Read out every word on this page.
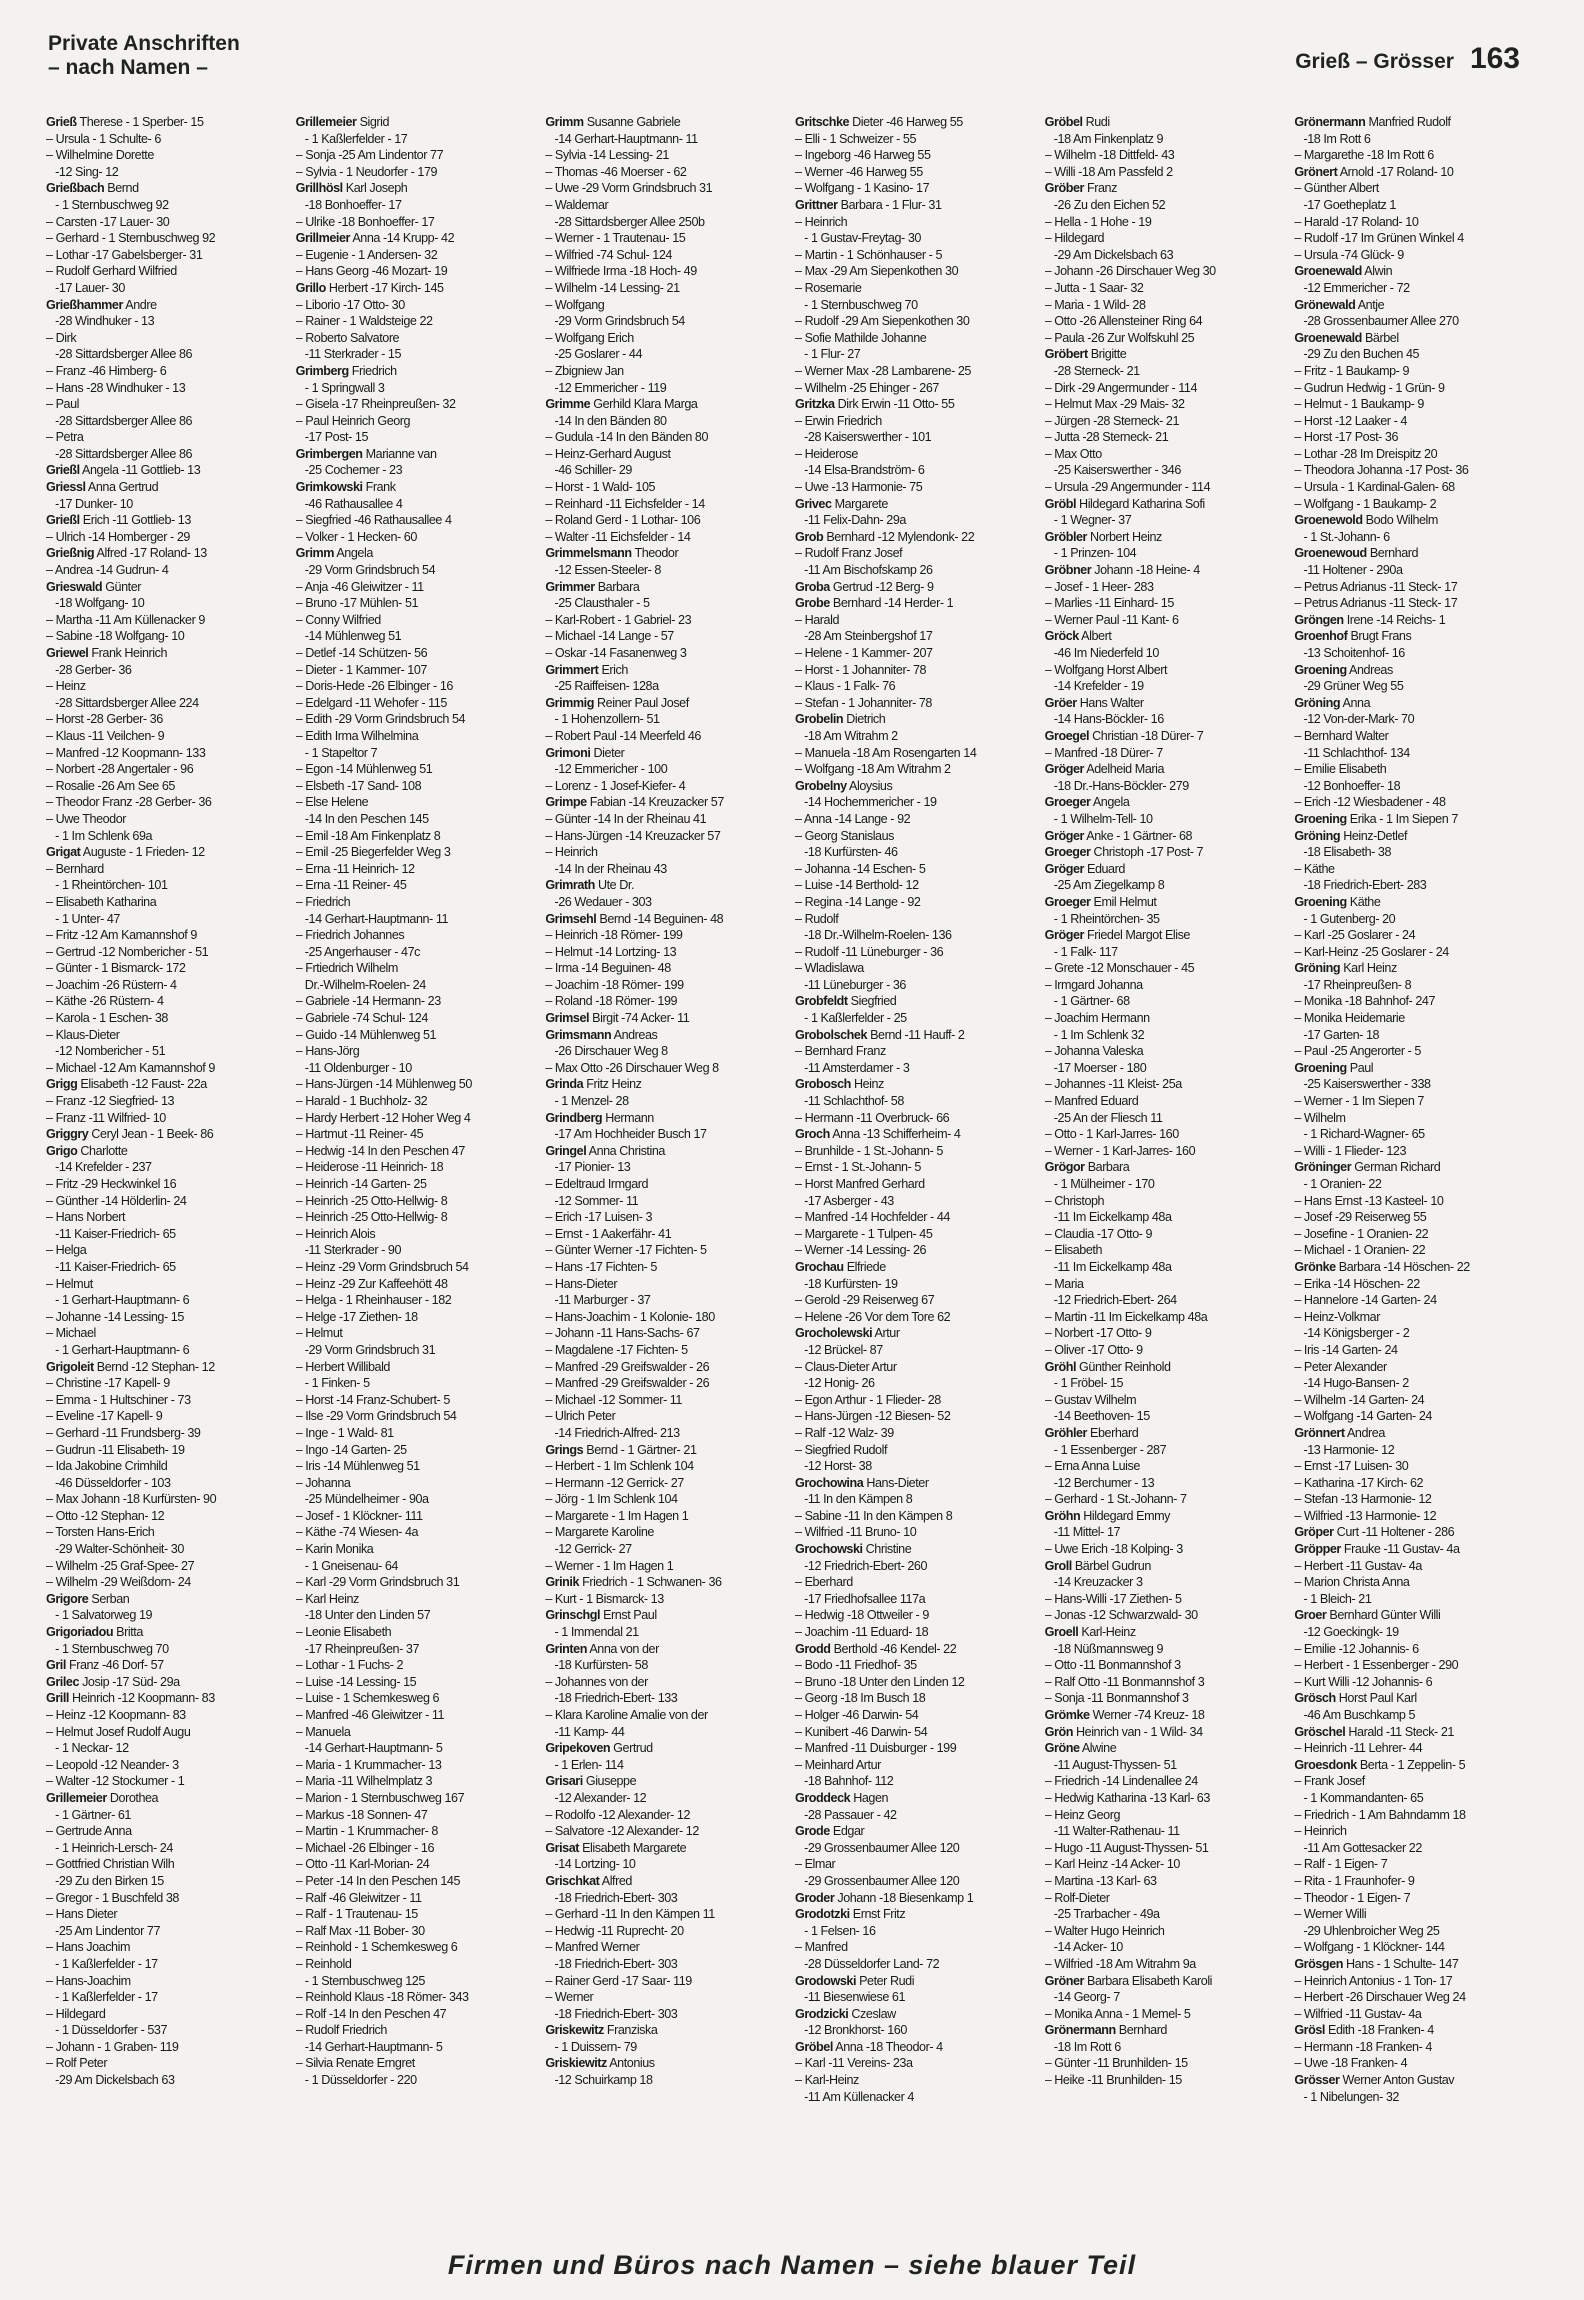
Private Anschriften
– nach Namen –	Grieß – Grösser 163
Grieß Therese - 1 Sperber- 15
– Ursula - 1 Schulte- 6
– Wilhelmine Dorette
-12 Sing- 12
Grießbach Bernd
- 1 Sternbuschweg 92
– Carsten -17 Lauer- 30
– Gerhard - 1 Sternbuschweg 92
– Lothar -17 Gabelsberger- 31
– Rudolf Gerhard Wilfried
-17 Lauer- 30
Grießhammer Andre
-28 Windhuker - 13
– Dirk
-28 Sittardsberger Allee 86
– Franz -46 Himberg- 6
– Hans -28 Windhuker - 13
– Paul
-28 Sittardsberger Allee 86
– Petra
-28 Sittardsberger Allee 86
Grießl Angela -11 Gottlieb- 13
Griessl Anna Gertrud
-17 Dunker- 10
Grießl Erich -11 Gottlieb- 13
– Ulrich -14 Homberger - 29
Grießnig Alfred -17 Roland- 13
– Andrea -14 Gudrun- 4
Grieswald Günter
-18 Wolfgang- 10
– Martha -11 Am Küllenacker 9
– Sabine -18 Wolfgang- 10
Griewel Frank Heinrich
-28 Gerber- 36
– Heinz
-28 Sittardsberger Allee 224
– Horst -28 Gerber- 36
– Klaus -11 Veilchen- 9
– Manfred -12 Koopmann- 133
– Norbert -28 Angertaler - 96
– Rosalie -26 Am See 65
– Theodor Franz -28 Gerber- 36
– Uwe Theodor
- 1 Im Schlenk 69a
Grigat Auguste - 1 Frieden- 12
– Bernhard
- 1 Rheintörchen- 101
– Elisabeth Katharina
- 1 Unter- 47
– Fritz -12 Am Kamannshof 9
– Gertrud -12 Nombericher - 51
– Günter - 1 Bismarck- 172
– Joachim -26 Rüstern- 4
– Käthe -26 Rüstern- 4
– Karola - 1 Eschen- 38
– Klaus-Dieter
-12 Nombericher - 51
– Michael -12 Am Kamannshof 9
Grigg Elisabeth -12 Faust- 22a
– Franz -12 Siegfried- 13
– Franz -11 Wilfried- 10
Griggry Ceryl Jean - 1 Beek- 86
Grigo Charlotte
-14 Krefelder - 237
– Fritz -29 Heckwinkel 16
– Günther -14 Hölderlin- 24
– Hans Norbert
-11 Kaiser-Friedrich- 65
– Helga
-11 Kaiser-Friedrich- 65
– Helmut
- 1 Gerhart-Hauptmann- 6
– Johanne -14 Lessing- 15
– Michael
- 1 Gerhart-Hauptmann- 6
Grigoleit Bernd -12 Stephan- 12
– Christine -17 Kapell- 9
– Emma - 1 Hultschiner - 73
– Eveline -17 Kapell- 9
– Gerhard -11 Frundsberg- 39
– Gudrun -11 Elisabeth- 19
– Ida Jakobine Crimhild
-46 Düsseldorfer - 103
– Max Johann -18 Kurfürsten- 90
– Otto -12 Stephan- 12
– Torsten Hans-Erich
-29 Walter-Schönheit- 30
– Wilhelm -25 Graf-Spee- 27
– Wilhelm -29 Weißdorn- 24
Grigore Serban
- 1 Salvatorweg 19
Grigoriadou Britta
- 1 Sternbuschweg 70
Gril Franz -46 Dorf- 57
Grilec Josip -17 Süd- 29a
Grill Heinrich -12 Koopmann- 83
– Heinz -12 Koopmann- 83
– Helmut Josef Rudolf Augu
- 1 Neckar- 12
– Leopold -12 Neander- 3
– Walter -12 Stockumer - 1
Grillemeier Dorothea
- 1 Gärtner- 61
– Gertrude Anna
- 1 Heinrich-Lersch- 24
– Gottfried Christian Wilh
-29 Zu den Birken 15
– Gregor - 1 Buschfeld 38
– Hans Dieter
-25 Am Lindentor 77
– Hans Joachim
- 1 Kaßlerfelder - 17
– Hans-Joachim
- 1 Kaßlerfelder - 17
– Hildegard
- 1 Düsseldorfer - 537
– Johann - 1 Graben- 119
– Rolf Peter
-29 Am Dickelsbach 63
Grillemeier Sigrid
- 1 Kaßlerfelder - 17
– Sonja -25 Am Lindentor 77
– Sylvia - 1 Neudorfer - 179
Grillhösl Karl Joseph
-18 Bonhoeffer- 17
– Ulrike -18 Bonhoeffer- 17
Grillmeier Anna -14 Krupp- 42
– Eugenie - 1 Andersen- 32
– Hans Georg -46 Mozart- 19
Grillo Herbert -17 Kirch- 145
– Liborio -17 Otto- 30
– Rainer - 1 Waldsteige 22
– Roberto Salvatore
-11 Sterkrader - 15
Grimberg Friedrich
- 1 Springwall 3
– Gisela -17 Rheinpreußen- 32
– Paul Heinrich Georg
-17 Post- 15
Grimbergen Marianne van
-25 Cochemer - 23
Grimkowski Frank
-46 Rathausallee 4
– Siegfried -46 Rathausallee 4
– Volker - 1 Hecken- 60
Grimm Angela
-29 Vorm Grindsbruch 54
– Anja -46 Gleiwitzer - 11
– Bruno -17 Mühlen- 51
– Conny Wilfried
-14 Mühlenweg 51
– Detlef -14 Schützen- 56
– Dieter - 1 Kammer- 107
– Doris-Hede -26 Elbinger - 16
– Edelgard -11 Wehofer - 115
– Edith -29 Vorm Grindsbruch 54
– Edith Irma Wilhelmina
- 1 Stapeltor 7
– Egon -14 Mühlenweg 51
– Elsbeth -17 Sand- 108
– Else Helene
-14 In den Peschen 145
– Emil -18 Am Finkenplatz 8
– Emil -25 Biegerfelder Weg 3
– Erna -11 Heinrich- 12
– Erna -11 Reiner- 45
– Friedrich
-14 Gerhart-Hauptmann- 11
– Friedrich Johannes
-25 Angerhauser - 47c
– Frtiedrich Wilhelm
Dr.-Wilhelm-Roelen- 24
– Gabriele -14 Hermann- 23
– Gabriele -74 Schul- 124
– Guido -14 Mühlenweg 51
– Hans-Jörg
-11 Oldenburger - 10
– Hans-Jürgen -14 Mühlenweg 50
– Harald - 1 Buchholz- 32
– Hardy Herbert -12 Hoher Weg 4
– Hartmut -11 Reiner- 45
– Hedwig -14 In den Peschen 47
– Heiderose -11 Heinrich- 18
– Heinrich -14 Garten- 25
– Heinrich -25 Otto-Hellwig- 8
– Heinrich -25 Otto-Hellwig- 8
– Heinrich Alois
-11 Sterkrader - 90
– Heinz -29 Vorm Grindsbruch 54
– Heinz -29 Zur Kaffeehött 48
– Helga - 1 Rheinhauser - 182
– Helge -17 Ziethen- 18
– Helmut
-29 Vorm Grindsbruch 31
– Herbert Willibald
- 1 Finken- 5
– Horst -14 Franz-Schubert- 5
– Ilse -29 Vorm Grindsbruch 54
– Inge - 1 Wald- 81
– Ingo -14 Garten- 25
– Iris -14 Mühlenweg 51
– Johanna
-25 Mündelheimer - 90a
– Josef - 1 Klöckner- 111
– Käthe -74 Wiesen- 4a
– Karin Monika
- 1 Gneisenau- 64
– Karl -29 Vorm Grindsbruch 31
– Karl Heinz
-18 Unter den Linden 57
– Leonie Elisabeth
-17 Rheinpreußen- 37
– Lothar - 1 Fuchs- 2
– Luise -14 Lessing- 15
– Luise - 1 Schemkesweg 6
– Manfred -46 Gleiwitzer - 11
– Manuela
-14 Gerhart-Hauptmann- 5
– Maria - 1 Krummacher- 13
– Maria -11 Wilhelmplatz 3
– Marion - 1 Sternbuschweg 167
– Markus -18 Sonnen- 47
– Martin - 1 Krummacher- 8
– Michael -26 Elbinger - 16
– Otto -11 Karl-Morian- 24
– Peter -14 In den Peschen 145
– Ralf -46 Gleiwitzer - 11
– Ralf - 1 Trautenau- 15
– Ralf Max -11 Bober- 30
– Reinhold - 1 Schemkesweg 6
– Reinhold
- 1 Sternbuschweg 125
– Reinhold Klaus -18 Römer- 343
– Rolf -14 In den Peschen 47
– Rudolf Friedrich
-14 Gerhart-Hauptmann- 5
– Silvia Renate Erngret
- 1 Düsseldorfer - 220
Grimm Susanne Gabriele
-14 Gerhart-Hauptmann- 11
– Sylvia -14 Lessing- 21
– Thomas -46 Moerser - 62
– Uwe -29 Vorm Grindsbruch 31
– Waldemar
-28 Sittardsberger Allee 250b
– Werner - 1 Trautenau- 15
– Wilfried -74 Schul- 124
– Wilfriede Irma -18 Hoch- 49
– Wilhelm -14 Lessing- 21
– Wolfgang
-29 Vorm Grindsbruch 54
– Wolfgang Erich
-25 Goslarer - 44
– Zbigniew Jan
-12 Emmericher - 119
Grimme Gerhild Klara Marga
-14 In den Bänden 80
– Gudula -14 In den Bänden 80
– Heinz-Gerhard August
-46 Schiller- 29
– Horst - 1 Wald- 105
– Reinhard -11 Eichsfelder - 14
– Roland Gerd - 1 Lothar- 106
– Walter -11 Eichsfelder - 14
Grimmelsmann Theodor
-12 Essen-Steeler- 8
Grimmer Barbara
-25 Clausthaler - 5
– Karl-Robert - 1 Gabriel- 23
– Michael -14 Lange - 57
– Oskar -14 Fasanenweg 3
Grimmert Erich
-25 Raiffeisen- 128a
Grimmig Reiner Paul Josef
- 1 Hohenzollern- 51
– Robert Paul -14 Meerfeld 46
Grimoni Dieter
-12 Emmericher - 100
– Lorenz - 1 Josef-Kiefer- 4
Grimpe Fabian -14 Kreuzacker 57
– Günter -14 In der Rheinau 41
– Hans-Jürgen -14 Kreuzacker 57
– Heinrich
-14 In der Rheinau 43
Grimrath Ute Dr.
-26 Wedauer - 303
Grimsehl Bernd -14 Beguinen- 48
– Heinrich -18 Römer- 199
– Helmut -14 Lortzing- 13
– Irma -14 Beguinen- 48
– Joachim -18 Römer- 199
– Roland -18 Römer- 199
Grimsel Birgit -74 Acker- 11
Grimsmann Andreas
-26 Dirschauer Weg 8
– Max Otto -26 Dirschauer Weg 8
Grinda Fritz Heinz
- 1 Menzel- 28
Grindberg Hermann
-17 Am Hochheider Busch 17
Gringel Anna Christina
-17 Pionier- 13
– Edeltraud Irmgard
-12 Sommer- 11
– Erich -17 Luisen- 3
– Ernst - 1 Aakerfähr- 41
– Günter Werner -17 Fichten- 5
– Hans -17 Fichten- 5
– Hans-Dieter
-11 Marburger - 37
– Hans-Joachim - 1 Kolonie- 180
– Johann -11 Hans-Sachs- 67
– Magdalene -17 Fichten- 5
– Manfred -29 Greifswalder - 26
– Manfred -29 Greifswalder - 26
– Michael -12 Sommer- 11
– Ulrich Peter
-14 Friedrich-Alfred- 213
Grings Bernd - 1 Gärtner- 21
– Herbert - 1 Im Schlenk 104
– Hermann -12 Gerrick- 27
– Jörg - 1 Im Schlenk 104
– Margarete - 1 Im Hagen 1
– Margarete Karoline
-12 Gerrick- 27
– Werner - 1 Im Hagen 1
Grinik Friedrich - 1 Schwanen- 36
– Kurt - 1 Bismarck- 13
Grinschgl Ernst Paul
- 1 Immendal 21
Grinten Anna von der
-18 Kurfürsten- 58
– Johannes von der
-18 Friedrich-Ebert- 133
– Klara Karoline Amalie von der
-11 Kamp- 44
Gripekoven Gertrud
- 1 Erlen- 114
Grisari Giuseppe
-12 Alexander- 12
– Rodolfo -12 Alexander- 12
– Salvatore -12 Alexander- 12
Grisat Elisabeth Margarete
-14 Lortzing- 10
Grischkat Alfred
-18 Friedrich-Ebert- 303
– Gerhard -11 In den Kämpen 11
– Hedwig -11 Ruprecht- 20
– Manfred Werner
-18 Friedrich-Ebert- 303
– Rainer Gerd -17 Saar- 119
– Werner
-18 Friedrich-Ebert- 303
Griskewitz Franziska
- 1 Duissern- 79
Griskiewitz Antonius
-12 Schuirkamp 18
Gritschke Dieter -46 Harweg 55
– Elli - 1 Schweizer - 55
– Ingeborg -46 Harweg 55
– Werner -46 Harweg 55
– Wolfgang - 1 Kasino- 17
Grittner Barbara - 1 Flur- 31
– Heinrich
- 1 Gustav-Freytag- 30
– Martin - 1 Schönhauser - 5
– Max -29 Am Siepenkothen 30
– Rosemarie
- 1 Sternbuschweg 70
– Rudolf -29 Am Siepenkothen 30
– Sofie Mathilde Johanne
- 1 Flur- 27
– Werner Max -28 Lambarene- 25
– Wilhelm -25 Ehinger - 267
Gritzka Dirk Erwin -11 Otto- 55
– Erwin Friedrich
-28 Kaiserswerther - 101
– Heiderose
-14 Elsa-Brandström- 6
– Uwe -13 Harmonie- 75
Grivec Margarete
-11 Felix-Dahn- 29a
Grob Bernhard -12 Mylendonk- 22
– Rudolf Franz Josef
-11 Am Bischofskamp 26
Groba Gertrud -12 Berg- 9
Grobe Bernhard -14 Herder- 1
– Harald
-28 Am Steinbergshof 17
– Helene - 1 Kammer- 207
– Horst - 1 Johanniter- 78
– Klaus - 1 Falk- 76
– Stefan - 1 Johanniter- 78
Grobelin Dietrich
-18 Am Witrahm 2
– Manuela -18 Am Rosengarten 14
– Wolfgang -18 Am Witrahm 2
Grobelny Aloysius
-14 Hochemmericher - 19
– Anna -14 Lange - 92
– Georg Stanislaus
-18 Kurfürsten- 46
– Johanna -14 Eschen- 5
– Luise -14 Berthold- 12
– Regina -14 Lange - 92
– Rudolf
-18 Dr.-Wilhelm-Roelen- 136
– Rudolf -11 Lüneburger - 36
– Wladislawa
-11 Lüneburger - 36
Grobfeldt Siegfried
- 1 Kaßlerfelder - 25
Grobolschek Bernd -11 Hauff- 2
– Bernhard Franz
-11 Amsterdamer - 3
Grobosch Heinz
-11 Schlachthof- 58
– Hermann -11 Overbruck- 66
Groch Anna -13 Schifferheim- 4
– Brunhilde - 1 St.-Johann- 5
– Ernst - 1 St.-Johann- 5
– Horst Manfred Gerhard
-17 Asberger - 43
– Manfred -14 Hochfelder - 44
– Margarete - 1 Tulpen- 45
– Werner -14 Lessing- 26
Grochau Elfriede
-18 Kurfürsten- 19
– Gerold -29 Reiserweg 67
– Helene -26 Vor dem Tore 62
Grocholewski Artur
-12 Brückel- 87
– Claus-Dieter Artur
-12 Honig- 26
– Egon Arthur - 1 Flieder- 28
– Hans-Jürgen -12 Biesen- 52
– Ralf -12 Walz- 39
– Siegfried Rudolf
-12 Horst- 38
Grochowina Hans-Dieter
-11 In den Kämpen 8
– Sabine -11 In den Kämpen 8
– Wilfried -11 Bruno- 10
Grochowski Christine
-12 Friedrich-Ebert- 260
– Eberhard
-17 Friedhofsallee 117a
– Hedwig -18 Ottweiler - 9
– Joachim -11 Eduard- 18
Grodd Berthold -46 Kendel- 22
– Bodo -11 Friedhof- 35
– Bruno -18 Unter den Linden 12
– Georg -18 Im Busch 18
– Holger -46 Darwin- 54
– Kunibert -46 Darwin- 54
– Manfred -11 Duisburger - 199
– Meinhard Artur
-18 Bahnhof- 112
Groddeck Hagen
-28 Passauer - 42
Grode Edgar
-29 Grossenbaumer Allee 120
– Elmar
-29 Grossenbaumer Allee 120
Groder Johann -18 Biesenkamp 1
Grodotzki Ernst Fritz
- 1 Felsen- 16
– Manfred
-28 Düsseldorfer Land- 72
Grodowski Peter Rudi
-11 Biesenwiese 61
Grodzicki Czeslaw
-12 Bronkhorst- 160
Gröbel Anna -18 Theodor- 4
– Karl -11 Vereins- 23a
– Karl-Heinz
-11 Am Küllenacker 4
Gröbel Rudi
-18 Am Finkenplatz 9
– Wilhelm -18 Dittfeld- 43
– Willi -18 Am Passfeld 2
Gröber Franz
-26 Zu den Eichen 52
– Hella - 1 Hohe - 19
– Hildegard
-29 Am Dickelsbach 63
– Johann -26 Dirschauer Weg 30
– Jutta - 1 Saar- 32
– Maria - 1 Wild- 28
– Otto -26 Allensteiner Ring 64
– Paula -26 Zur Wolfskuhl 25
Gröbert Brigitte
-28 Sterneck- 21
– Dirk -29 Angermunder - 114
– Helmut Max -29 Mais- 32
– Jürgen -28 Sterneck- 21
– Jutta -28 Sterneck- 21
– Max Otto
-25 Kaiserswerther - 346
– Ursula -29 Angermunder - 114
Gröbl Hildegard Katharina Sofi
- 1 Wegner- 37
Gröbler Norbert Heinz
- 1 Prinzen- 104
Gröbner Johann -18 Heine- 4
– Josef - 1 Heer- 283
– Marlies -11 Einhard- 15
– Werner Paul -11 Kant- 6
Gröck Albert
-46 Im Niederfeld 10
– Wolfgang Horst Albert
-14 Krefelder - 19
Gröer Hans Walter
-14 Hans-Böckler- 16
Groegel Christian -18 Dürer- 7
– Manfred -18 Dürer- 7
Gröger Adelheid Maria
-18 Dr.-Hans-Böckler- 279
Groeger Angela
- 1 Wilhelm-Tell- 10
Gröger Anke - 1 Gärtner- 68
Groeger Christoph -17 Post- 7
Gröger Eduard
-25 Am Ziegelkamp 8
Groeger Emil Helmut
- 1 Rheintörchen- 35
Gröger Friedel Margot Elise
- 1 Falk- 117
– Grete -12 Monschauer - 45
– Irmgard Johanna
- 1 Gärtner- 68
– Joachim Hermann
- 1 Im Schlenk 32
– Johanna Valeska
-17 Moerser - 180
– Johannes -11 Kleist- 25a
– Manfred Eduard
-25 An der Fliesch 11
– Otto - 1 Karl-Jarres- 160
– Werner - 1 Karl-Jarres- 160
Grögor Barbara
- 1 Mülheimer - 170
– Christoph
-11 Im Eickelkamp 48a
– Claudia -17 Otto- 9
– Elisabeth
-11 Im Eickelkamp 48a
– Maria
-12 Friedrich-Ebert- 264
– Martin -11 Im Eickelkamp 48a
– Norbert -17 Otto- 9
– Oliver -17 Otto- 9
Gröhl Günther Reinhold
- 1 Fröbel- 15
– Gustav Wilhelm
-14 Beethoven- 15
Gröhler Eberhard
- 1 Essenberger - 287
– Erna Anna Luise
-12 Berchumer - 13
– Gerhard - 1 St.-Johann- 7
Gröhn Hildegard Emmy
-11 Mittel- 17
– Uwe Erich -18 Kolping- 3
Groll Bärbel Gudrun
-14 Kreuzacker 3
– Hans-Willi -17 Ziethen- 5
– Jonas -12 Schwarzwald- 30
Groell Karl-Heinz
-18 Nüßmannsweg 9
– Otto -11 Bonmannshof 3
– Ralf Otto -11 Bonmannshof 3
– Sonja -11 Bonmannshof 3
Grömke Werner -74 Kreuz- 18
Grön Heinrich van - 1 Wild- 34
Gröne Alwine
-11 August-Thyssen- 51
– Friedrich -14 Lindenallee 24
– Hedwig Katharina -13 Karl- 63
– Heinz Georg
-11 Walter-Rathenau- 11
– Hugo -11 August-Thyssen- 51
– Karl Heinz -14 Acker- 10
– Martina -13 Karl- 63
– Rolf-Dieter
-25 Trarbacher - 49a
– Walter Hugo Heinrich
-14 Acker- 10
– Wilfried -18 Am Witrahm 9a
Gröner Barbara Elisabeth Karoli
-14 Georg- 7
– Monika Anna - 1 Memel- 5
Grönermann Bernhard
-18 Im Rott 6
– Günter -11 Brunhilden- 15
– Heike -11 Brunhilden- 15
Grönermann Manfried Rudolf
-18 Im Rott 6
– Margarethe -18 Im Rott 6
Grönert Arnold -17 Roland- 10
– Günther Albert
-17 Goetheplatz 1
– Harald -17 Roland- 10
– Rudolf -17 Im Grünen Winkel 4
– Ursula -74 Glück- 9
Groenewald Alwin
-12 Emmericher - 72
Grönewald Antje
-28 Grossenbaumer Allee 270
Groenewald Bärbel
-29 Zu den Buchen 45
– Fritz - 1 Baukamp- 9
– Gudrun Hedwig - 1 Grün- 9
– Helmut - 1 Baukamp- 9
– Horst -12 Laaker - 4
– Horst -17 Post- 36
– Lothar -28 Im Dreispitz 20
– Theodora Johanna -17 Post- 36
– Ursula - 1 Kardinal-Galen- 68
– Wolfgang - 1 Baukamp- 2
Groenewold Bodo Wilhelm
- 1 St.-Johann- 6
Groenewoud Bernhard
-11 Holtener - 290a
– Petrus Adrianus -11 Steck- 17
– Petrus Adrianus -11 Steck- 17
Gröngen Irene -14 Reichs- 1
Groenhof Brugt Frans
-13 Schoitenhof- 16
Groening Andreas
-29 Grüner Weg 55
Gröning Anna
-12 Von-der-Mark- 70
– Bernhard Walter
-11 Schlachthof- 134
– Emilie Elisabeth
-12 Bonhoeffer- 18
– Erich -12 Wiesbadener - 48
Groening Erika - 1 Im Siepen 7
Gröning Heinz-Detlef
-18 Elisabeth- 38
– Käthe
-18 Friedrich-Ebert- 283
Groening Käthe
- 1 Gutenberg- 20
– Karl -25 Goslarer - 24
– Karl-Heinz -25 Goslarer - 24
Gröning Karl Heinz
-17 Rheinpreußen- 8
– Monika -18 Bahnhof- 247
– Monika Heidemarie
-17 Garten- 18
– Paul -25 Angerorter - 5
Groening Paul
-25 Kaiserswerther - 338
– Werner - 1 Im Siepen 7
– Wilhelm
- 1 Richard-Wagner- 65
– Willi - 1 Flieder- 123
Gröninger German Richard
- 1 Oranien- 22
– Hans Ernst -13 Kasteel- 10
– Josef -29 Reiserweg 55
– Josefine - 1 Oranien- 22
– Michael - 1 Oranien- 22
Grönke Barbara -14 Höschen- 22
– Erika -14 Höschen- 22
– Hannelore -14 Garten- 24
– Heinz-Volkmar
-14 Königsberger - 2
– Iris -14 Garten- 24
– Peter Alexander
-14 Hugo-Bansen- 2
– Wilhelm -14 Garten- 24
– Wolfgang -14 Garten- 24
Grönnert Andrea
-13 Harmonie- 12
– Ernst -17 Luisen- 30
– Katharina -17 Kirch- 62
– Stefan -13 Harmonie- 12
– Wilfried -13 Harmonie- 12
Gröper Curt -11 Holtener - 286
Gröpper Frauke -11 Gustav- 4a
– Herbert -11 Gustav- 4a
– Marion Christa Anna
- 1 Bleich- 21
Groer Bernhard Günter Willi
-12 Goeckingk- 19
– Emilie -12 Johannis- 6
– Herbert - 1 Essenberger - 290
– Kurt Willi -12 Johannis- 6
Grösch Horst Paul Karl
-46 Am Buschkamp 5
Gröschel Harald -11 Steck- 21
– Heinrich -11 Lehrer- 44
Groesdonk Berta - 1 Zeppelin- 5
– Frank Josef
- 1 Kommandanten- 65
– Friedrich - 1 Am Bahndamm 18
– Heinrich
-11 Am Gottesacker 22
– Ralf - 1 Eigen- 7
– Rita - 1 Fraunhofer- 9
– Theodor - 1 Eigen- 7
– Werner Willi
-29 Uhlenbroicher Weg 25
– Wolfgang - 1 Klöckner- 144
Grösgen Hans - 1 Schulte- 147
– Heinrich Antonius - 1 Ton- 17
– Herbert -26 Dirschauer Weg 24
– Wilfried -11 Gustav- 4a
Grösl Edith -18 Franken- 4
– Hermann -18 Franken- 4
– Uwe -18 Franken- 4
Grösser Werner Anton Gustav
- 1 Nibelungen- 32
Firmen und Büros nach Namen – siehe blauer Teil
